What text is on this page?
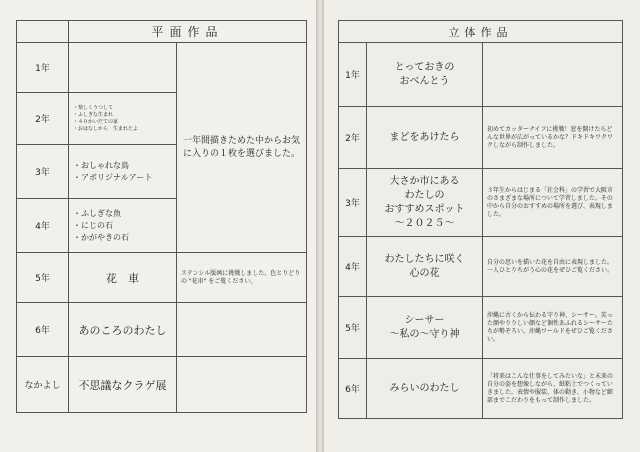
	平面作品	
1年		一年間描きためた中からお気に入りの１枚を選びました。
2年	・楽しくうつして
・ふしぎな生まれ
・４０かいだての家
・おはなしから　生まれたよ	

3年	・おしゃれな鳥
・アボリジナルアート	

4年	・ふしぎな魚
・にじの石
・かがやきの石	

5年	花　車	ステンシル版画に挑戦しました。色とりどりの "花車" をご覧ください。
6年	あのころのわたし	
なかよし	不思議なクラゲ展	
立体作品		
1年	とっておきの
おべんとう	
2年	まどをあけたら	初めてカッターナイフに挑戦！窓を開けたらどんな世界が広がっているかな？ドキドキワクワクしながら制作しました。
3年	大さか市にある
わたしの
おすすめスポット
～２０２５～	３年生からはじまる「社会科」の学習で大阪市のさまざまな場所について学習しました。その中から自分のおすすめの場所を選び、表現しました。
4年	わたしたちに咲く
心の花	自分の思いを描いた花を自由に表現しました。一人ひとりちがう心の花をぜひご覧ください。
5年	シーサー
～私の～守り神	沖縄に古くから伝わる守り神、シーサー。笑った顔やりりしい顔など個性あふれるシーサーたちが勢ぞろい。沖縄ワールドをぜひご覧ください。
6年	みらいのわたし	「将来はこんな仕事をしてみたいな」と未来の自分の姿を想像しながら、紙粘土でつくっていきました。表情や服装、体の動き、小物など細部までこだわりをもって制作しました。
